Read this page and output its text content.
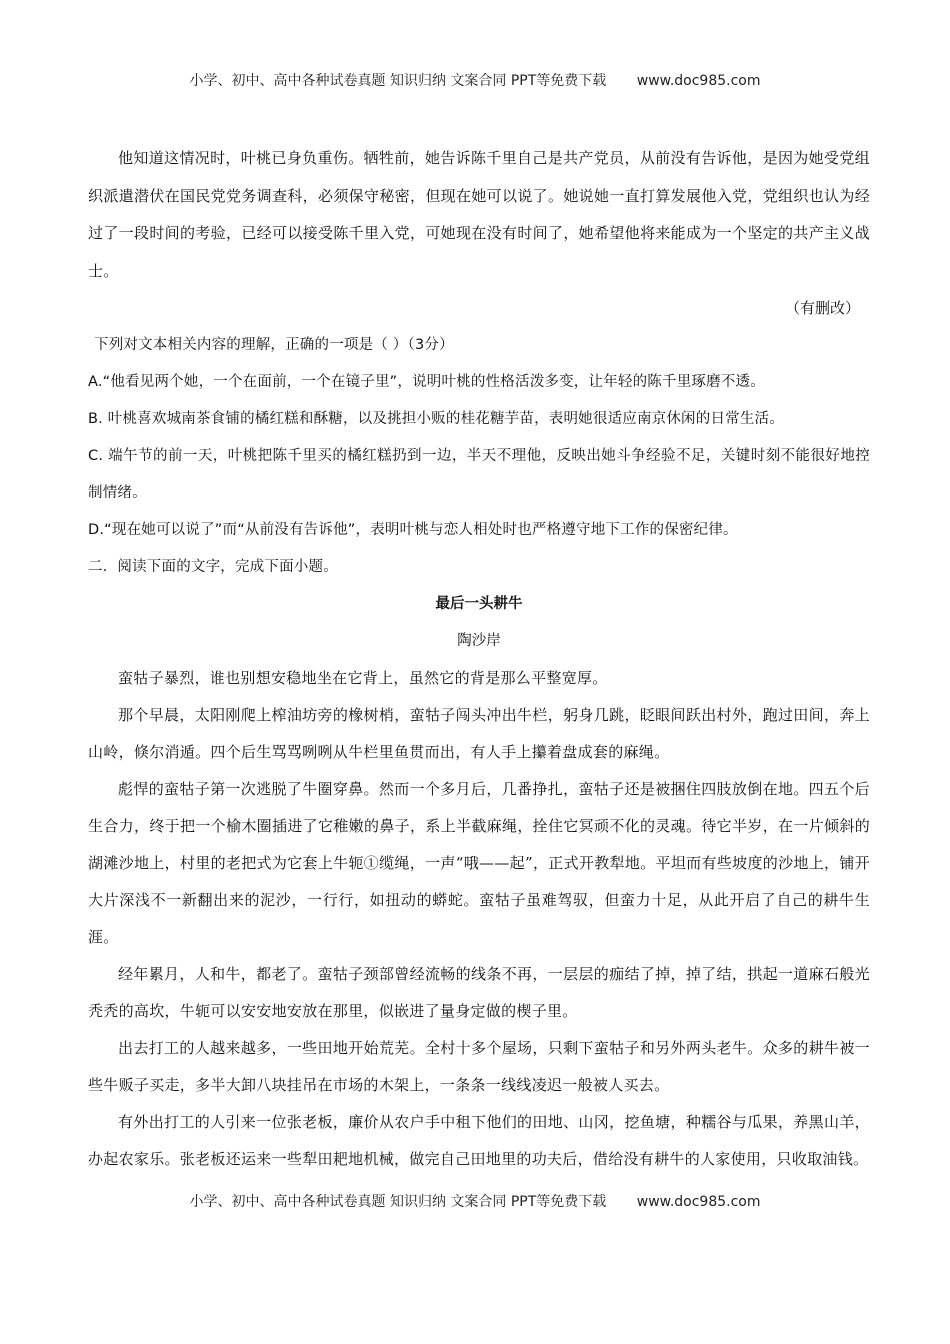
小学、初中、高中各种试卷真题 知识归纳 文案合同 PPT等免费下载 www.doc985.com

他知道这情况时，叶桃已身负重伤。牺牲前，她告诉陈千里自己是共产党员，从前没有告诉他，是因为她受党组织派遣潜伏在国民党党务调查科，必须保守秘密，但现在她可以说了。她说她一直打算发展他入党，党组织也认为经过了一段时间的考验，已经可以接受陈千里入党，可她现在没有时间了，她希望他将来能成为一个坚定的共产主义战士。

（有删改）

下列对文本相关内容的理解，正确的一项是（ ）（3分）

A.“他看见两个她，一个在面前，一个在镜子里”，说明叶桃的性格活泼多变，让年轻的陈千里琢磨不透。

B. 叶桃喜欢城南茶食铺的橘红糕和酥糖，以及挑担小贩的桂花糖芋苗，表明她很适应南京休闲的日常生活。

C. 端午节的前一天，叶桃把陈千里买的橘红糕扔到一边，半天不理他，反映出她斗争经验不足，关键时刻不能很好地控制情绪。

D.“现在她可以说了”而“从前没有告诉他”，表明叶桃与恋人相处时也严格遵守地下工作的保密纪律。

二．阅读下面的文字，完成下面小题。

最后一头耕牛

陶沙岸

蛮牯子暴烈，谁也别想安稳地坐在它背上，虽然它的背是那么平整宽厚。

那个早晨，太阳刚爬上榨油坊旁的橡树梢，蛮牯子闯头冲出牛栏，躬身几跳，眨眼间跃出村外，跑过田间，奔上山岭，倏尔消遁。四个后生骂骂咧咧从牛栏里鱼贯而出，有人手上攥着盘成套的麻绳。

彪悍的蛮牯子第一次逃脱了牛圈穿鼻。然而一个多月后，几番挣扎，蛮牯子还是被捆住四肢放倒在地。四五个后生合力，终于把一个榆木圈插进了它稚嫩的鼻子，系上半截麻绳，拴住它冥顽不化的灵魂。待它半岁，在一片倾斜的湖滩沙地上，村里的老把式为它套上牛轭①缆绳，一声“哦——起”，正式开教犁地。平坦而有些坡度的沙地上，铺开大片深浅不一新翻出来的泥沙，一行行，如扭动的蟒蛇。蛮牯子虽难驾驭，但蛮力十足，从此开启了自己的耕牛生涯。

经年累月，人和牛，都老了。蛮牯子颈部曾经流畅的线条不再，一层层的痂结了掉，掉了结，拱起一道麻石般光秃秃的高坎，牛轭可以安安地安放在那里，似嵌进了量身定做的楔子里。

出去打工的人越来越多，一些田地开始荒芜。全村十多个屋场，只剩下蛮牯子和另外两头老牛。众多的耕牛被一些牛贩子买走，多半大卸八块挂吊在市场的木架上，一条条一线线凌迟一般被人买去。

有外出打工的人引来一位张老板，廉价从农户手中租下他们的田地、山冈，挖鱼塘，种糯谷与瓜果，养黑山羊，办起农家乐。张老板还运来一些犁田耙地机械，做完自己田地里的功夫后，借给没有耕牛的人家使用，只收取油钱。

小学、初中、高中各种试卷真题 知识归纳 文案合同 PPT等免费下载 www.doc985.com
